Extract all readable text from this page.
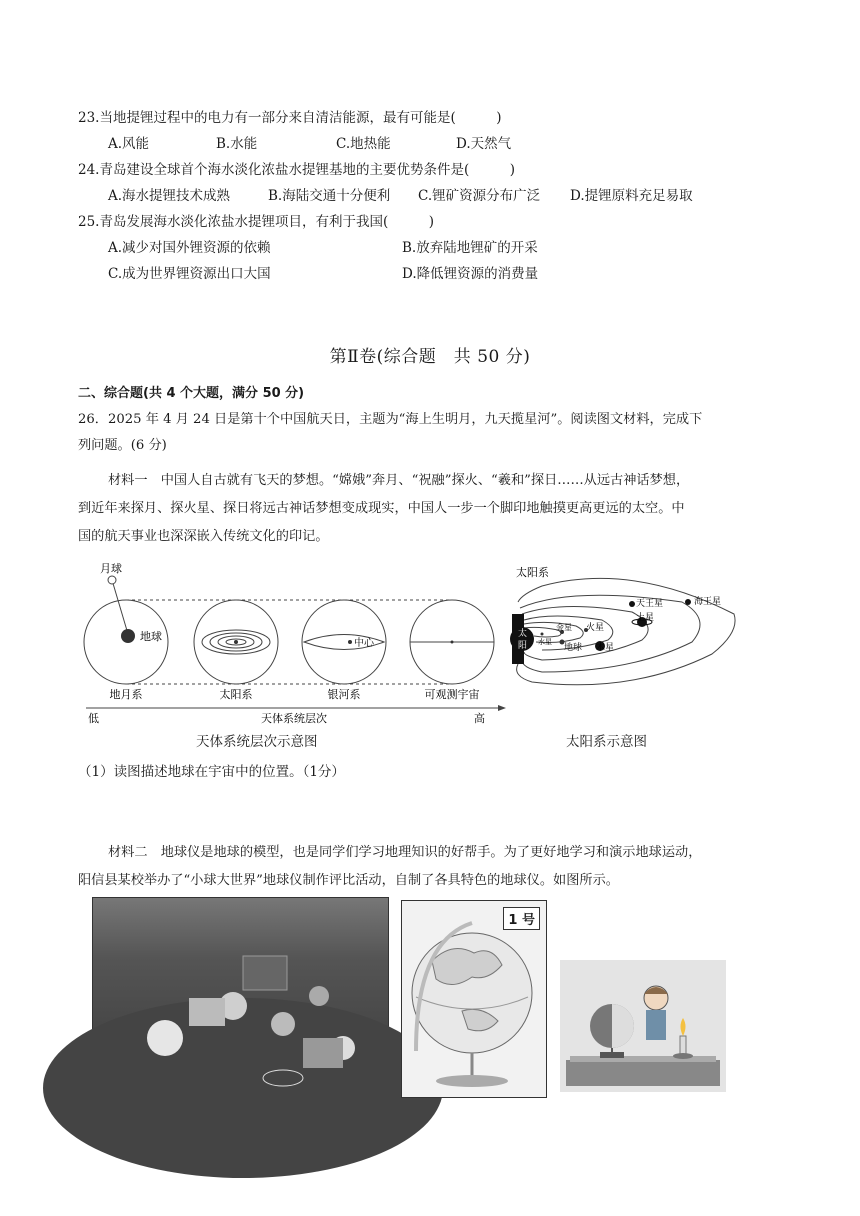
23.当地提锂过程中的电力有一部分来自清洁能源，最有可能是(　　　)
A.风能	B.水能	C.地热能	D.天然气
24.青岛建设全球首个海水淡化浓盐水提锂基地的主要优势条件是(　　　)
A.海水提锂技术成熟	B.海陆交通十分便利 C.锂矿资源分布广泛 D.提锂原料充足易取
25.青岛发展海水淡化浓盐水提锂项目，有利于我国(　　　)
A.减少对国外锂资源的依赖	B.放弃陆地锂矿的开采
C.成为世界锂资源出口大国	D.降低锂资源的消费量
第Ⅱ卷(综合题　共 50 分)
二、综合题(共 4 个大题，满分 50 分)
26．2025 年 4 月 24 日是第十个中国航天日，主题为“海上生明月，九天揽星河”。阅读图文材料，完成下
列问题。(6 分)
材料一　中国人自古就有飞天的梦想。“嫦娥”奔月、“祝融”探火、“羲和”探日……从远古神话梦想，
到近年来探月、探火星、探日将远古神话梦想变成现实，中国人一步一个脚印地触摸更高更远的太空。中
国的航天事业也深深嵌入传统文化的印记。
月球
地球
中心
地月系	太阳系	银河系	可观测宇宙
低	天体系统层次	高
太
阳
太阳系
水星
金星
地球
火星
木星
土星
天王星	海王星
天体系统层次示意图	太阳系示意图
（1）读图描述地球在宇宙中的位置。（1分）
材料二　地球仪是地球的模型，也是同学们学习地理知识的好帮手。为了更好地学习和演示地球运动，
阳信县某校举办了“小球大世界”地球仪制作评比活动，自制了各具特色的地球仪。如图所示。
1 号
